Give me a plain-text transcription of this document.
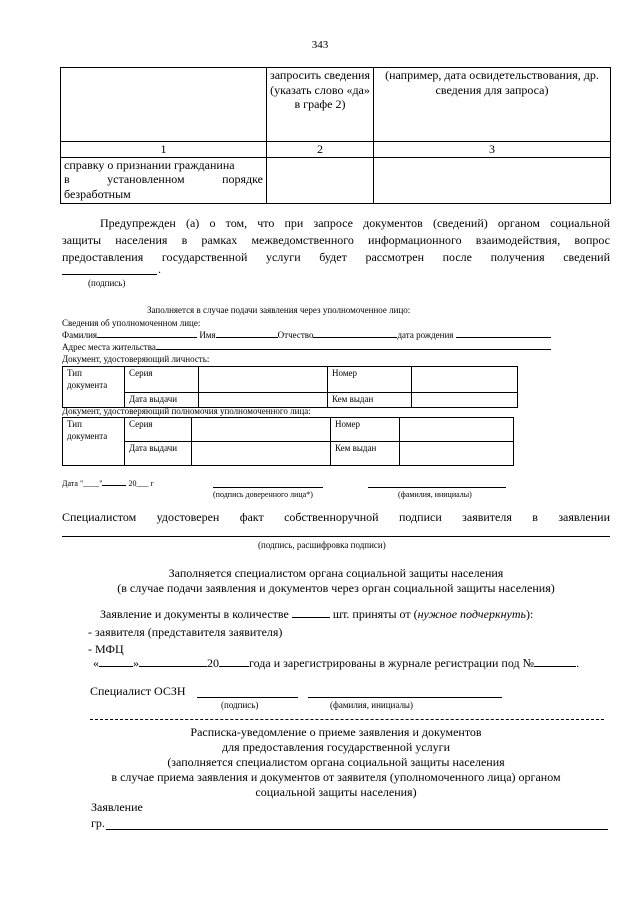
343
	запросить сведения (указать слово «да» в графе 2)	(например, дата освидетельствования, др. сведения для запроса)
1	2	3

справку о признании гражданина
в установленном порядке
безработным		

Предупрежден (а) о том, что при запросе документов (сведений) органом социальной
защиты населения в рамках межведомственного информационного взаимодействия, вопрос
предоставления государственной услуги будет рассмотрен после получения сведений
.
(подпись)
Заполняется в случае подачи заявления через уполномоченное лицо:
Сведения об уполномоченном лице:
Фамилия	Имя	Отчество	дата рождения
Адрес места жительства
Документ, удостоверяющий личность:
Тип документа	Серия		Номер	
	Дата выдачи		Кем выдан	
Документ, удостоверяющий полномочия уполномоченного лица:
Тип документа	Серия		Номер	
	Дата выдачи		Кем выдан	
Дата "____"	20___ г
(подпись доверенного лица*)	(фамилия, инициалы)
Специалистом удостоверен факт собственноручной подписи заявителя в заявлении
(подпись, расшифровка подписи)
Заполняется специалистом органа социальной защиты населения
(в случае подачи заявления и документов через орган социальной защиты населения)
Заявление и документы в количестве	шт. приняты от (нужное подчеркнуть):
- заявителя (представителя заявителя)
- МФЦ
«	»	20	года и зарегистрированы в журнале регистрации под №	.
Специалист ОСЗН
(подпись)	(фамилия, инициалы)
Расписка-уведомление о приеме заявления и документов
для предоставления государственной услуги
(заполняется специалистом органа социальной защиты населения
в случае приема заявления и документов от заявителя (уполномоченного лица) органом
социальной защиты населения)
Заявление
гр.
